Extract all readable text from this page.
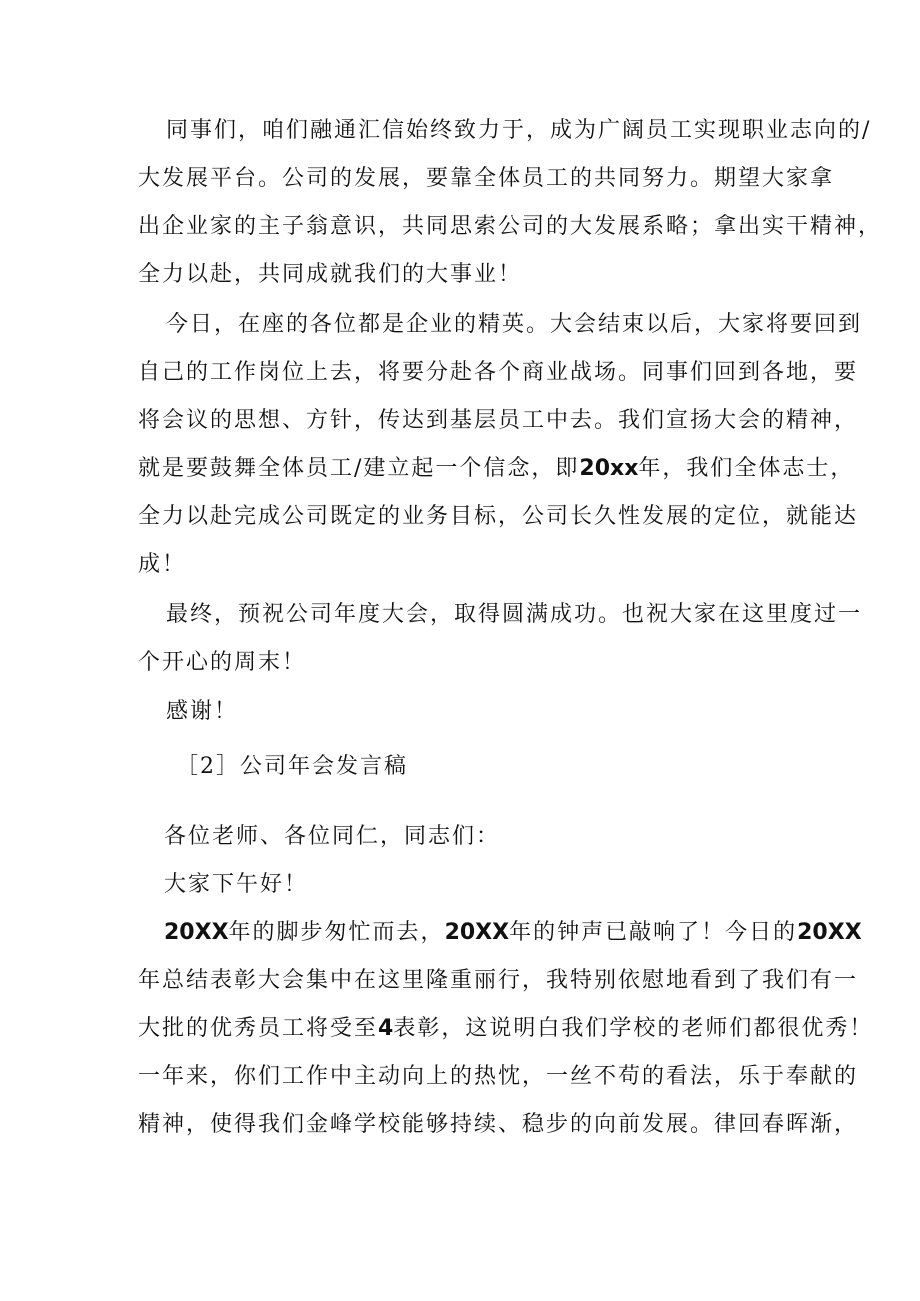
同事们，咱们融通汇信始终致力于，成为广阔员工实现职业志向的/
大发展平台。公司的发展，要靠全体员工的共同努力。期望大家拿
出企业家的主子翁意识，共同思索公司的大发展系略；拿出实干精神，
全力以赴，共同成就我们的大事业！
今日，在座的各位都是企业的精英。大会结束以后，大家将要回到
自己的工作岗位上去，将要分赴各个商业战场。同事们回到各地，要
将会议的思想、方针，传达到基层员工中去。我们宣扬大会的精神，
就是要鼓舞全体员工/建立起一个信念，即20xx年，我们全体志士，
全力以赴完成公司既定的业务目标，公司长久性发展的定位，就能达
成！
最终，预祝公司年度大会，取得圆满成功。也祝大家在这里度过一
个开心的周末！
感谢！
［2］公司年会发言稿
各位老师、各位同仁，同志们：
大家下午好！
20XX年的脚步匆忙而去，20XX年的钟声已敲响了！今日的20XX
年总结表彰大会集中在这里隆重丽行，我特别依慰地看到了我们有一
大批的优秀员工将受至4表彰，这说明白我们学校的老师们都很优秀！
一年来，你们工作中主动向上的热忱，一丝不苟的看法，乐于奉献的
精神，使得我们金峰学校能够持续、稳步的向前发展。律回春晖渐，
